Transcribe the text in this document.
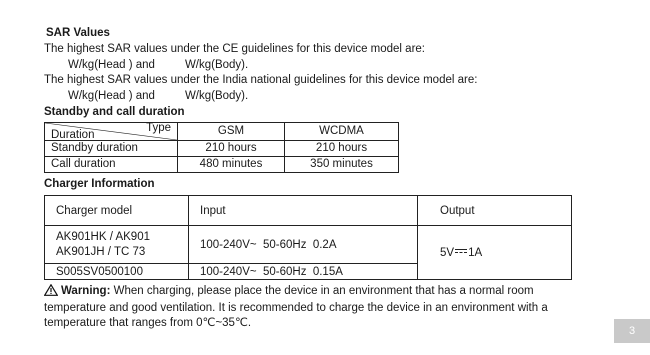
SAR Values
The highest SAR values under the CE guidelines for this device model are:
W/kg(Head ) and	W/kg(Body).
The highest SAR values under the India national guidelines for this device model are:
W/kg(Head ) and	W/kg(Body).
Standby and call duration
Type
Duration	GSM	WCDMA
Standby duration	210 hours	210 hours
Call duration	480 minutes	350 minutes
Charger Information
Charger model	Input	Output

AK901HK / AK901
AK901JH / TC 73	100-240V~  50-60Hz  0.2A	5V 1A
S005SV0500100	100-240V~  50-60Hz  0.15A	
Warning: When charging, please place the device in an environment that has a normal room temperature and good ventilation. It is recommended to charge the device in an environment with a temperature that ranges from 0℃~35℃.
3
